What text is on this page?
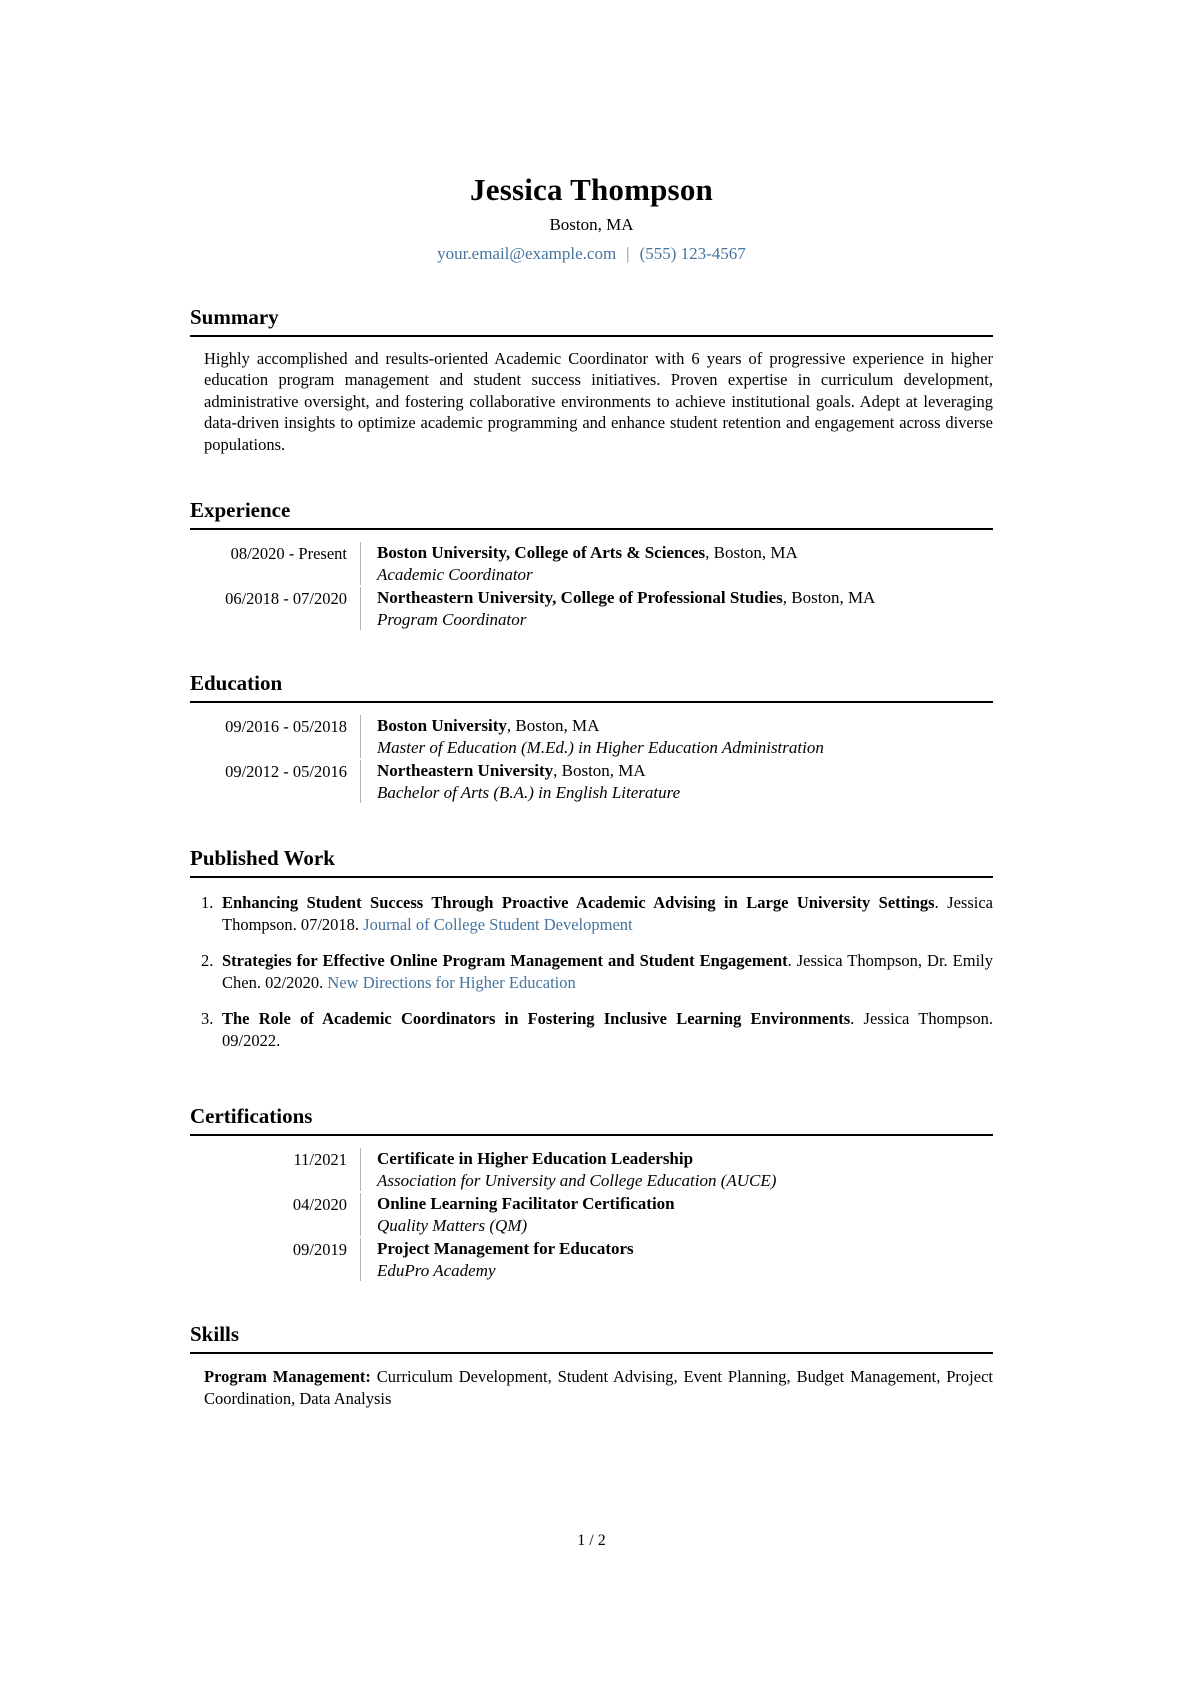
Jessica Thompson
Boston, MA
your.email@example.com | (555) 123-4567
Summary

Highly accomplished and results-oriented Academic Coordinator with 6 years of progressive experience in higher education program management and student success initiatives. Proven expertise in curriculum development, administrative oversight, and fostering collaborative environments to achieve institutional goals. Adept at leveraging data-driven insights to optimize academic programming and enhance student retention and engagement across diverse populations.

Experience
08/2020 - Present Boston University, College of Arts & Sciences, Boston, MA
Academic Coordinator
06/2018 - 07/2020 Northeastern University, College of Professional Studies, Boston, MA
Program Coordinator
Education
09/2016 - 05/2018 Boston University, Boston, MA
Master of Education (M.Ed.) in Higher Education Administration
09/2012 - 05/2016 Northeastern University, Boston, MA
Bachelor of Arts (B.A.) in English Literature
Published Work
1. Enhancing Student Success Through Proactive Academic Advising in Large University Settings. Jessica Thompson. 07/2018. Journal of College Student Development
2. Strategies for Effective Online Program Management and Student Engagement. Jessica Thompson, Dr. Emily Chen. 02/2020. New Directions for Higher Education
3. The Role of Academic Coordinators in Fostering Inclusive Learning Environments. Jessica Thompson. 09/2022.
Certifications
11/2021 Certificate in Higher Education Leadership
Association for University and College Education (AUCE)
04/2020 Online Learning Facilitator Certification
Quality Matters (QM)
09/2019 Project Management for Educators
EduPro Academy
Skills

Program Management: Curriculum Development, Student Advising, Event Planning, Budget Management, Project Coordination, Data Analysis

1 / 2
